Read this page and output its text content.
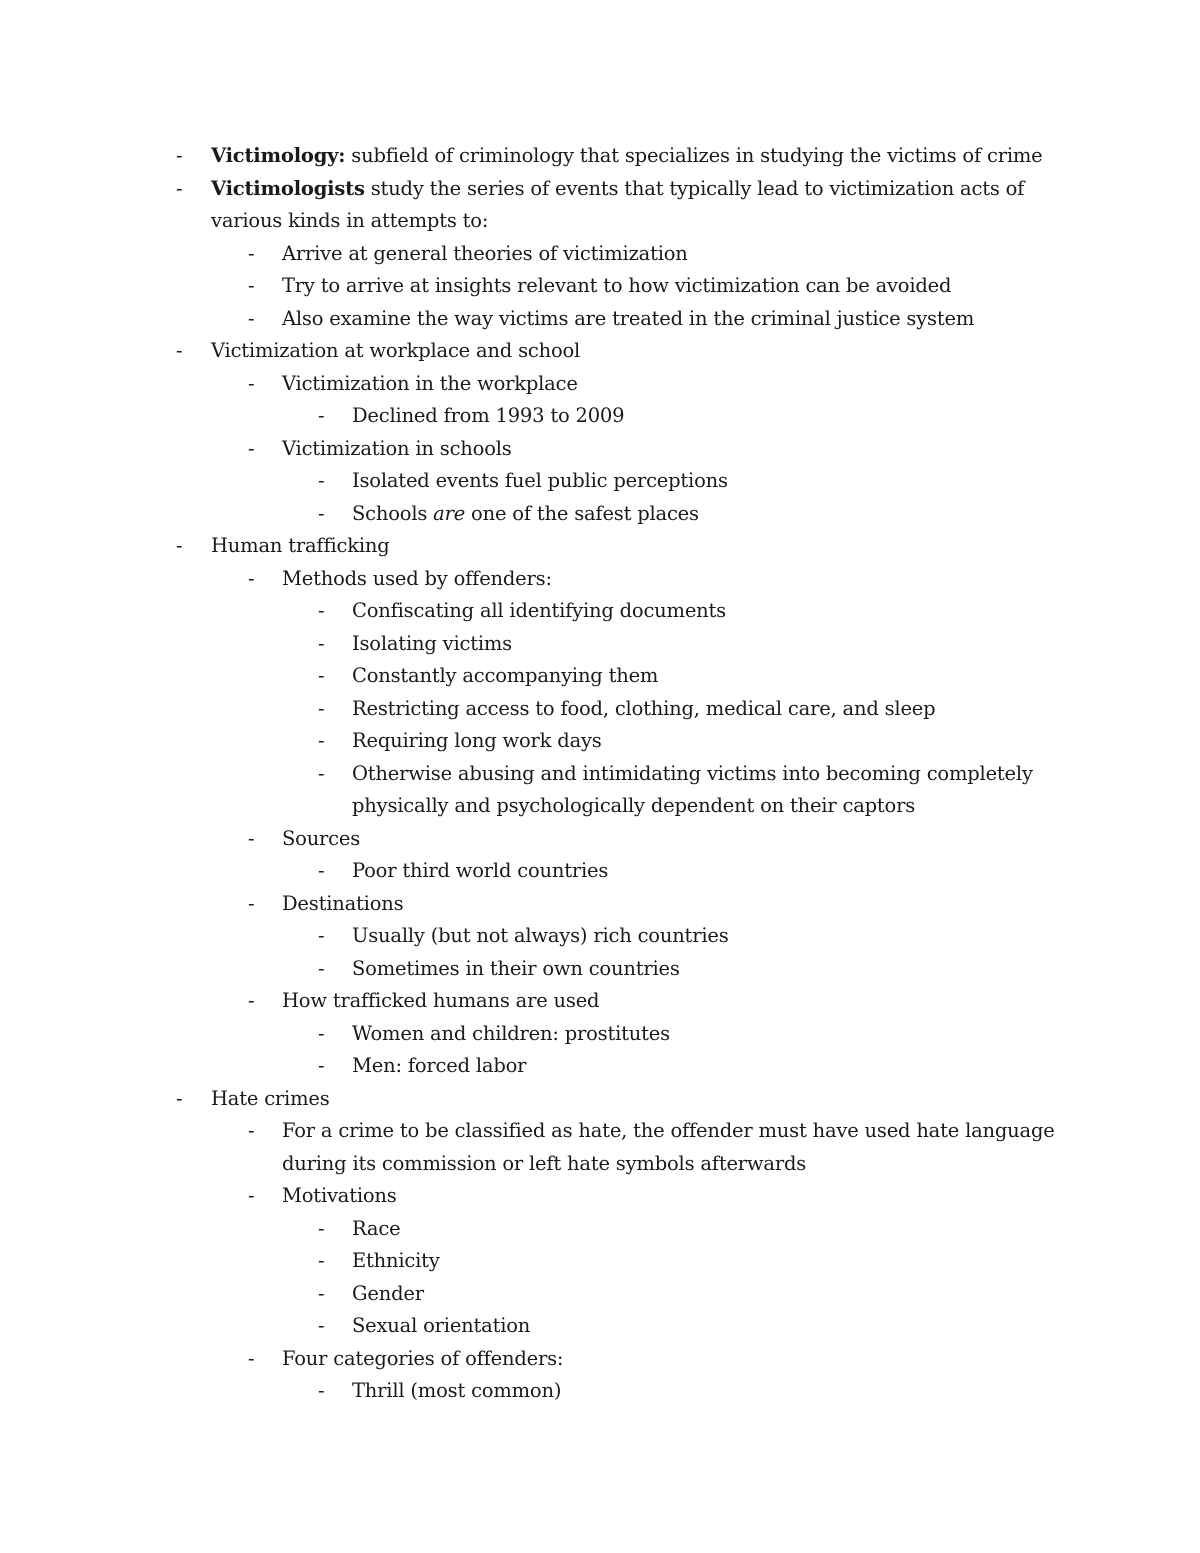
- Victimology: subfield of criminology that specializes in studying the victims of crime
- Victimologists study the series of events that typically lead to victimization acts of
various kinds in attempts to:
- Arrive at general theories of victimization
- Try to arrive at insights relevant to how victimization can be avoided
- Also examine the way victims are treated in the criminal justice system
- Victimization at workplace and school
- Victimization in the workplace
- Declined from 1993 to 2009
- Victimization in schools
- Isolated events fuel public perceptions
- Schools are one of the safest places
- Human trafficking
- Methods used by offenders:
- Confiscating all identifying documents
- Isolating victims
- Constantly accompanying them
- Restricting access to food, clothing, medical care, and sleep
- Requiring long work days
- Otherwise abusing and intimidating victims into becoming completely
physically and psychologically dependent on their captors
- Sources
- Poor third world countries
- Destinations
- Usually (but not always) rich countries
- Sometimes in their own countries
- How trafficked humans are used
- Women and children: prostitutes
- Men: forced labor
- Hate crimes
- For a crime to be classified as hate, the offender must have used hate language
during its commission or left hate symbols afterwards
- Motivations
- Race
- Ethnicity
- Gender
- Sexual orientation
- Four categories of offenders:
- Thrill (most common)
